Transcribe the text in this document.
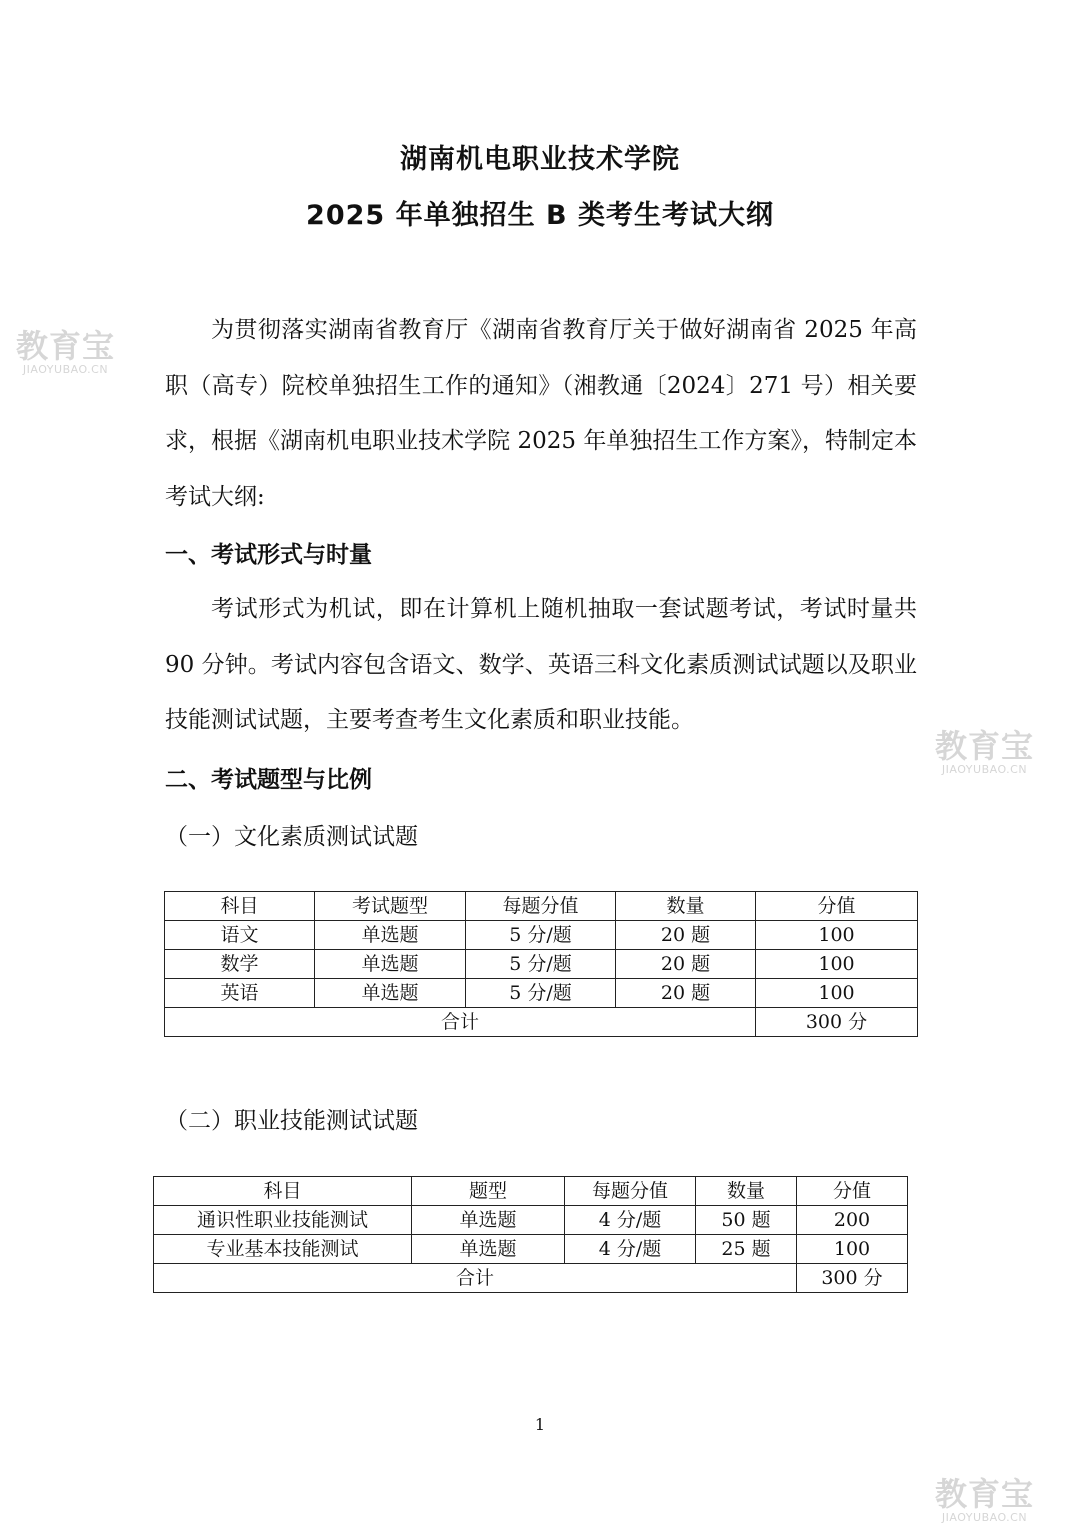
湖南机电职业技术学院
2025 年单独招生 B 类考生考试大纲

为贯彻落实湖南省教育厅《湖南省教育厅关于做好湖南省 2025 年高职（高专）院校单独招生工作的通知》（湘教通〔2024〕271 号）相关要求，根据《湖南机电职业技术学院 2025 年单独招生工作方案》，特制定本考试大纲:

一、考试形式与时量

考试形式为机试，即在计算机上随机抽取一套试题考试，考试时量共 90 分钟。考试内容包含语文、数学、英语三科文化素质测试试题以及职业技能测试试题，主要考查考生文化素质和职业技能。

二、考试题型与比例
（一）文化素质测试试题
科目	考试题型	每题分值	数量	分值
语文	单选题	5 分/题	20 题	100
数学	单选题	5 分/题	20 题	100
英语	单选题	5 分/题	20 题	100
合计				300 分
（二）职业技能测试试题
科目	题型	每题分值	数量	分值
通识性职业技能测试	单选题	4 分/题	50 题	200
专业基本技能测试	单选题	4 分/题	25 题	100
合计				300 分
1
教育宝
JIAOYUBAO.CN
教育宝
JIAOYUBAO.CN
教育宝
JIAOYUBAO.CN
